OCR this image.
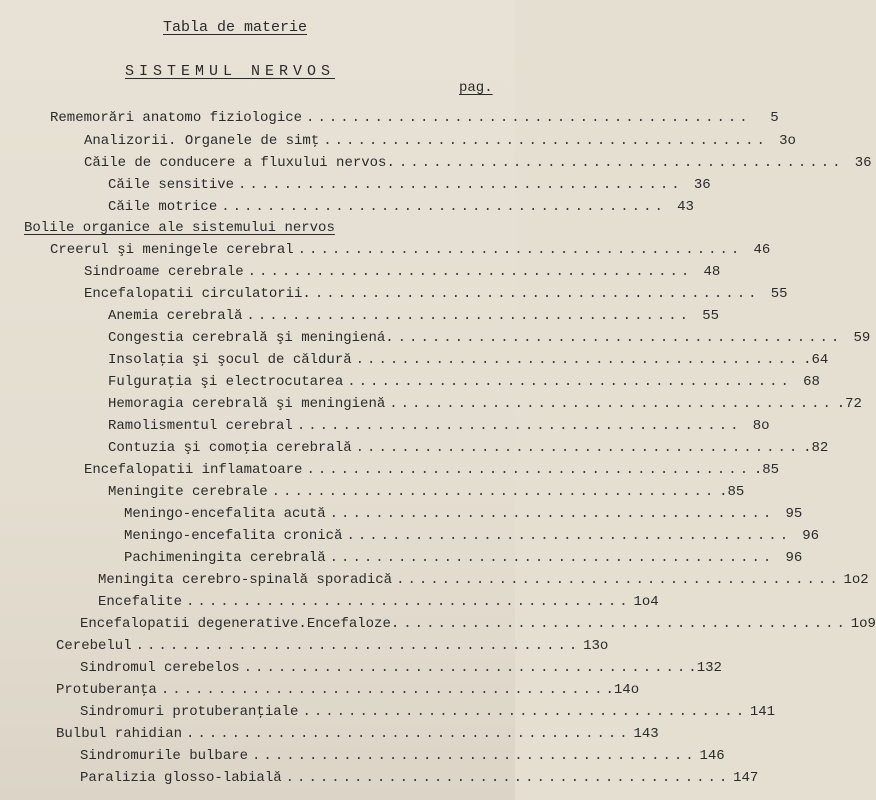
Tabla de materie
SISTEMUL NERVOS
pag.
Rememorări anatomo fiziologice .......................................	5
Analizorii. Organele de simţ ....................................... 3o
Căile de conducere a fluxului nervos. ....................................... 36
Căile sensitive ....................................... 36
Căile motrice ....................................... 43
Bolile organice ale sistemului nervos
Creerul şi meningele cerebral ....................................... 46
Sindroame cerebrale ....................................... 48
Encefalopatii circulatorii. ....................................... 55
Anemia cerebrală ....................................... 55
Congestia cerebrală şi meningiená. ....................................... 59
Insolaţia şi şocul de căldură ....................................... .64
Fulguraţia şi electrocutarea ....................................... 68
Hemoragia cerebrală şi meningienă ....................................... .72
Ramolismentul cerebral ....................................... 8o
Contuzia şi comoţia cerebrală ....................................... .82
Encefalopatii inflamatoare ....................................... .85
Meningite cerebrale ....................................... .85
Meningo-encefalita acută ....................................... 95
Meningo-encefalita cronică ....................................... 96
Pachimeningita cerebrală ....................................... 96
Meningita cerebro-spinală sporadică ....................................... 1o2
Encefalite ....................................... 1o4
Encefalopatii degenerative.Encefaloze. ....................................... 1o9
Cerebelul ....................................... 13o
Sindromul cerebelos ....................................... .132
Protuberanţa ....................................... .14o
Sindromuri protuberanţiale ....................................... 141
Bulbul rahidian ....................................... 143
Sindromurile bulbare ....................................... 146
Paralizia glosso-labială ....................................... 147
